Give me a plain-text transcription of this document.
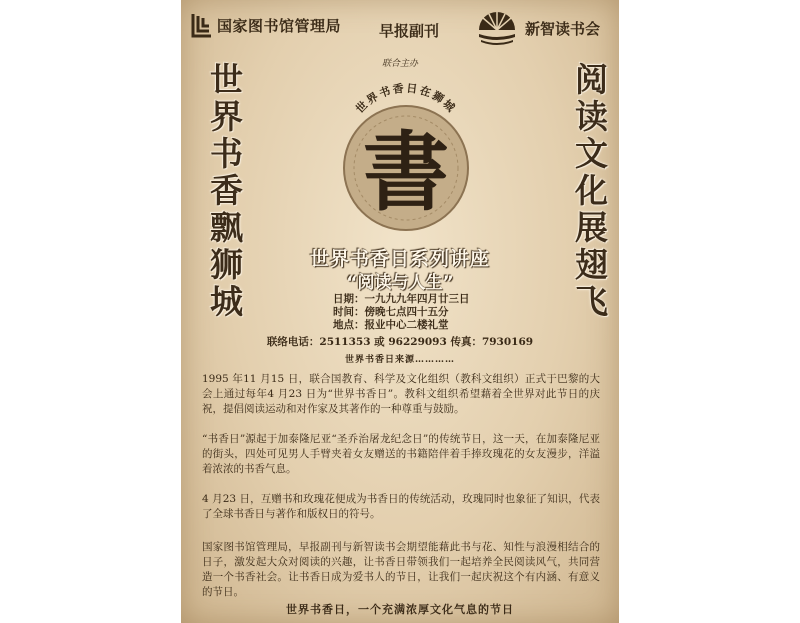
国家图书馆管理局	早报副刊	新智读书会
联合主办
世界书香飘狮城	阅读文化展翅飞
世界书香日在狮城
書
世界书香日系列讲座
“阅读与人生”
日期：一九九九年四月廿三日
时间：傍晚七点四十五分
地点：报业中心二楼礼堂
联络电话：2511353 或 96229093 传真：7930169
世界书香日来源…………

1995 年11 月15 日，联合国教育、科学及文化组织（教科文组织）正式于巴黎的大会上通过每年4 月23 日为“世界书香日”。教科文组织希望藉着全世界对此节日的庆祝，提倡阅读运动和对作家及其著作的一种尊重与鼓励。

“书香日”源起于加泰隆尼亚“圣乔治屠龙纪念日”的传统节日，这一天，在加泰隆尼亚的街头，四处可见男人手臂夹着女友赠送的书籍陪伴着手捧玫瑰花的女友漫步，洋溢着浓浓的书香气息。

4 月23 日，互赠书和玫瑰花便成为书香日的传统活动，玫瑰同时也象征了知识，代表了全球书香日与著作和版权日的符号。

国家图书馆管理局，早报副刊与新智读书会期望能藉此书与花、知性与浪漫相结合的日子，激发起大众对阅读的兴趣，让书香日带领我们一起培养全民阅读风气，共同营造一个书香社会。让书香日成为爱书人的节日，让我们一起庆祝这个有内涵、有意义的节日。

世界书香日，一个充满浓厚文化气息的节日
